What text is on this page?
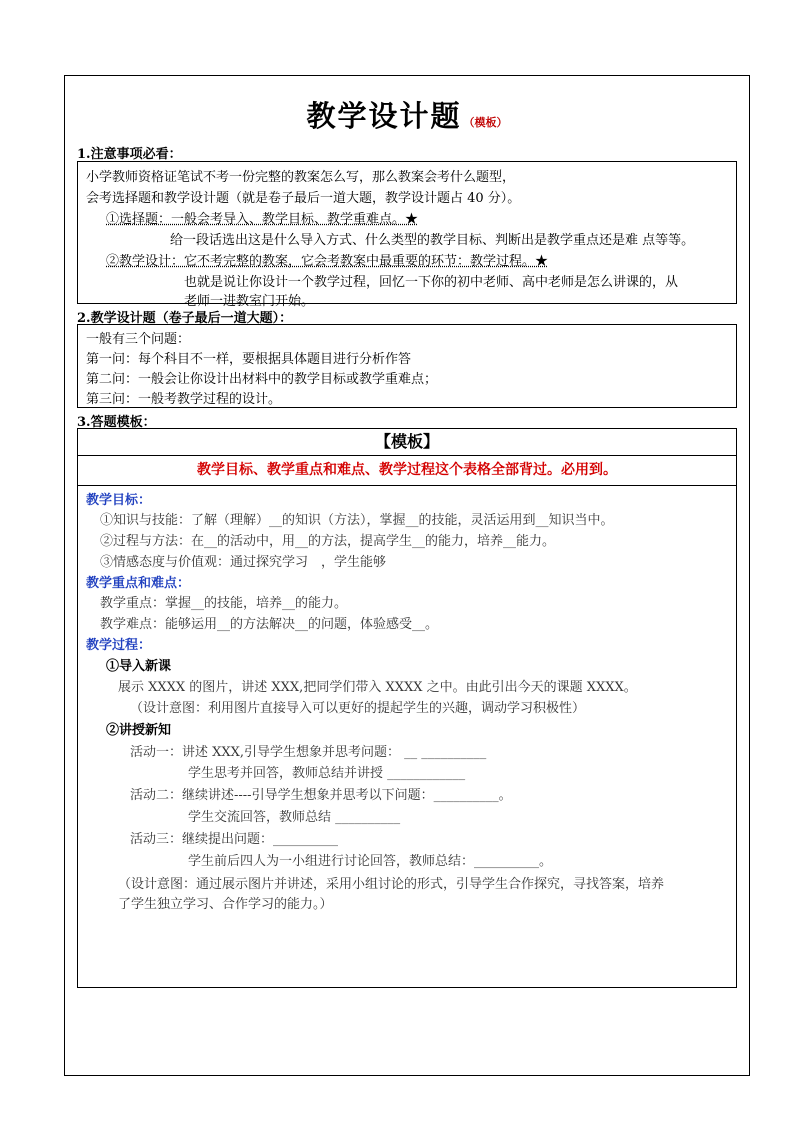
教学设计题 （模板）
1.注意事项必看：
小学教师资格证笔试不考一份完整的教案怎么写，那么教案会考什么题型，
会考选择题和教学设计题（就是卷子最后一道大题，教学设计题占 40 分）。
①选择题：一般会考导入、教学目标、教学重难点。★
给一段话选出这是什么导入方式、什么类型的教学目标、判断出是教学重点还是难 点等等。
②教学设计：它不考完整的教案，它会考教案中最重要的环节：教学过程。★
也就是说让你设计一个教学过程，回忆一下你的初中老师、高中老师是怎么讲课的，从
老师一进教室门开始。
2.教学设计题（卷子最后一道大题）：
一般有三个问题：
第一问：每个科目不一样，要根据具体题目进行分析作答
第二问：一般会让你设计出材料中的教学目标或教学重难点；
第三问：一般考教学过程的设计。
3.答题模板：
【模板】
教学目标、教学重点和难点、教学过程这个表格全部背过。必用到。
教学目标：
①知识与技能：了解（理解）__的知识（方法），掌握__的技能，灵活运用到__知识当中。
②过程与方法：在__的活动中，用__的方法，提高学生__的能力，培养__能力。
③情感态度与价值观：通过探究学习　，学生能够
教学重点和难点：
教学重点：掌握__的技能，培养__的能力。
教学难点：能够运用__的方法解决__的问题，体验感受__。
教学过程：
①导入新课
展示 XXXX 的图片，讲述 XXX,把同学们带入 XXXX 之中。由此引出今天的课题 XXXX。
（设计意图：利用图片直接导入可以更好的提起学生的兴趣，调动学习积极性）
②讲授新知
活动一：讲述 XXX,引导学生想象并思考问题： __ __________
学生思考并回答，教师总结并讲授 ____________
活动二：继续讲述----引导学生想象并思考以下问题：__________。
学生交流回答，教师总结 __________
活动三：继续提出问题：__________
学生前后四人为一小组进行讨论回答，教师总结：__________。
（设计意图：通过展示图片并讲述，采用小组讨论的形式，引导学生合作探究，寻找答案，培养
了学生独立学习、合作学习的能力。）
